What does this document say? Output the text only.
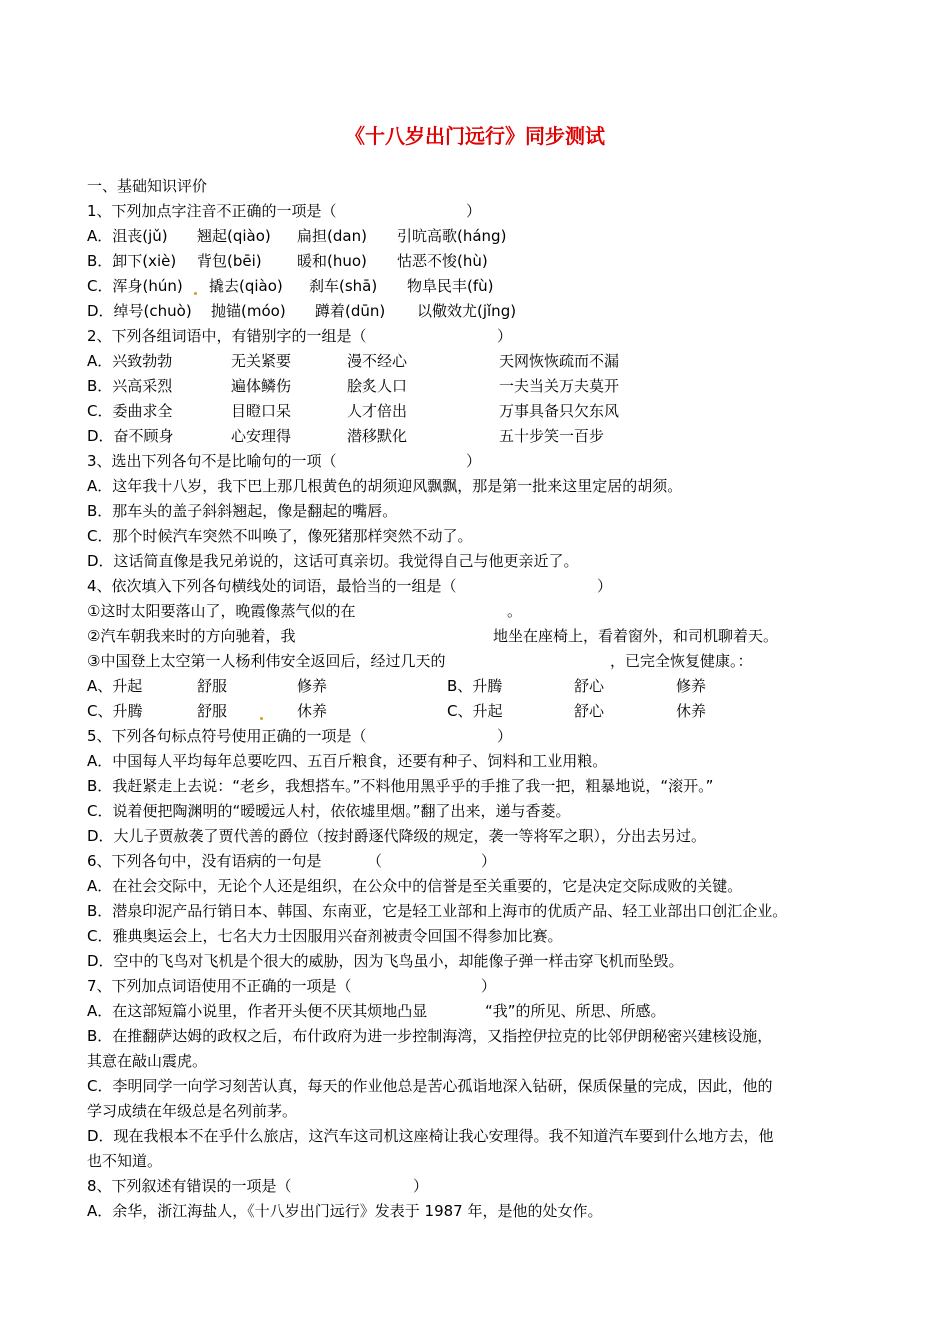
《十八岁出门远行》同步测试
一、基础知识评价
1、下列加点字注音不正确的一项是（	）
A．沮丧(jǔ) 翘起(qiào) 扁担(dan) 引吭高歌(háng)
B．卸下(xiè) 背包(bēi) 暖和(huo) 怙恶不悛(hù)
C．浑身(hún) 撬去(qiào) 刹车(shā) 物阜民丰(fù)
D．绰号(chuò) 抛锚(móo) 蹲着(dūn) 以儆效尤(jǐng)
2、下列各组词语中，有错别字的一组是（	）
A．兴致勃勃	无关紧要	漫不经心	天网恢恢疏而不漏
B．兴高采烈	遍体鳞伤	脍炙人口	一夫当关万夫莫开
C．委曲求全	目瞪口呆	人才倍出	万事具备只欠东风
D．奋不顾身	心安理得	潜移默化	五十步笑一百步
3、选出下列各句不是比喻句的一项（	）
A．这年我十八岁，我下巴上那几根黄色的胡须迎风飘飘，那是第一批来这里定居的胡须。
B．那车头的盖子斜斜翘起，像是翻起的嘴唇。
C．那个时候汽车突然不叫唤了，像死猪那样突然不动了。
D．这话简直像是我兄弟说的，这话可真亲切。我觉得自己与他更亲近了。
4、依次填入下列各句横线处的词语，最恰当的一组是（	）
①这时太阳要落山了，晚霞像蒸气似的在	。
②汽车朝我来时的方向驰着，我	地坐在座椅上，看着窗外，和司机聊着天。
③中国登上太空第一人杨利伟安全返回后，经过几天的	，已完全恢复健康。：
A、升起	舒服	修养	B、升腾	舒心	修养
C、升腾	舒服	休养	C、升起	舒心	休养
5、下列各句标点符号使用正确的一项是（	）
A．中国每人平均每年总要吃四、五百斤粮食，还要有种子、饲料和工业用粮。
B．我赶紧走上去说：“老乡，我想搭车。”不料他用黑乎乎的手推了我一把，粗暴地说，“滚开。”
C．说着便把陶渊明的“暧暧远人村，依依墟里烟。”翻了出来，递与香菱。
D．大儿子贾赦袭了贾代善的爵位（按封爵逐代降级的规定，袭一等将军之职），分出去另过。
6、下列各句中，没有语病的一句是	（	）
A．在社会交际中，无论个人还是组织，在公众中的信誉是至关重要的，它是决定交际成败的关键。
B．潜泉印泥产品行销日本、韩国、东南亚，它是轻工业部和上海市的优质产品、轻工业部出口创汇企业。
C．雅典奥运会上，七名大力士因服用兴奋剂被责令回国不得参加比赛。
D．空中的飞鸟对飞机是个很大的威胁，因为飞鸟虽小，却能像子弹一样击穿飞机而坠毁。
7、下列加点词语使用不正确的一项是（	）
A．在这部短篇小说里，作者开头便不厌其烦地凸显	“我”的所见、所思、所感。
B．在推翻萨达姆的政权之后，布什政府为进一步控制海湾，又指控伊拉克的比邻伊朗秘密兴建核设施，
其意在敲山震虎。
C．李明同学一向学习刻苦认真，每天的作业他总是苦心孤诣地深入钻研，保质保量的完成，因此，他的
学习成绩在年级总是名列前茅。
D．现在我根本不在乎什么旅店，这汽车这司机这座椅让我心安理得。我不知道汽车要到什么地方去，他
也不知道。
8、下列叙述有错误的一项是（	）
A．余华，浙江海盐人，《十八岁出门远行》发表于 1987 年，是他的处女作。
